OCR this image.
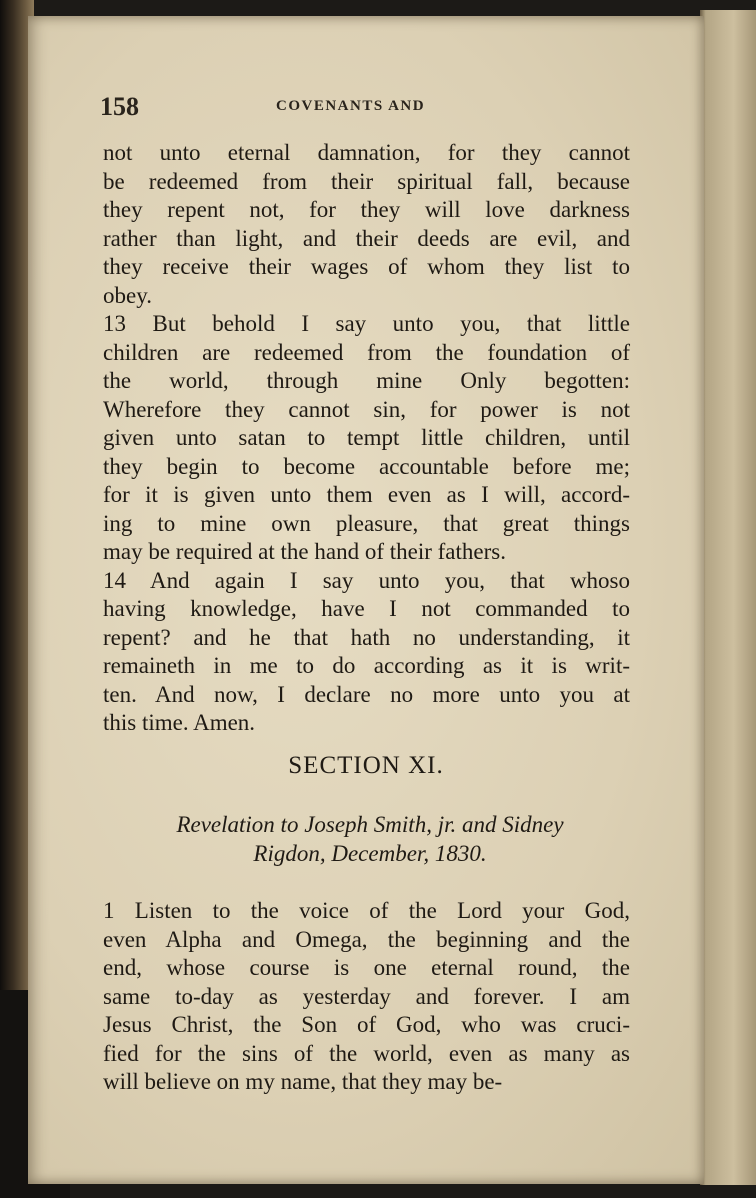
158	COVENANTS AND
not unto eternal damnation, for they cannot
be redeemed from their spiritual fall, because
they repent not, for they will love darkness
rather than light, and their deeds are evil, and
they receive their wages of whom they list to
obey.
13 But behold I say unto you, that little
children are redeemed from the foundation of
the world, through mine Only begotten:
Wherefore they cannot sin, for power is not
given unto satan to tempt little children, until
they begin to become accountable before me;
for it is given unto them even as I will, accord-
ing to mine own pleasure, that great things
may be required at the hand of their fathers.
14 And again I say unto you, that whoso
having knowledge, have I not commanded to
repent? and he that hath no understanding, it
remaineth in me to do according as it is writ-
ten. And now, I declare no more unto you at
this time. Amen.
SECTION XI.
Revelation to Joseph Smith, jr. and Sidney
Rigdon, December, 1830.
1 Listen to the voice of the Lord your God,
even Alpha and Omega, the beginning and the
end, whose course is one eternal round, the
same to-day as yesterday and forever. I am
Jesus Christ, the Son of God, who was cruci-
fied for the sins of the world, even as many as
will believe on my name, that they may be-
